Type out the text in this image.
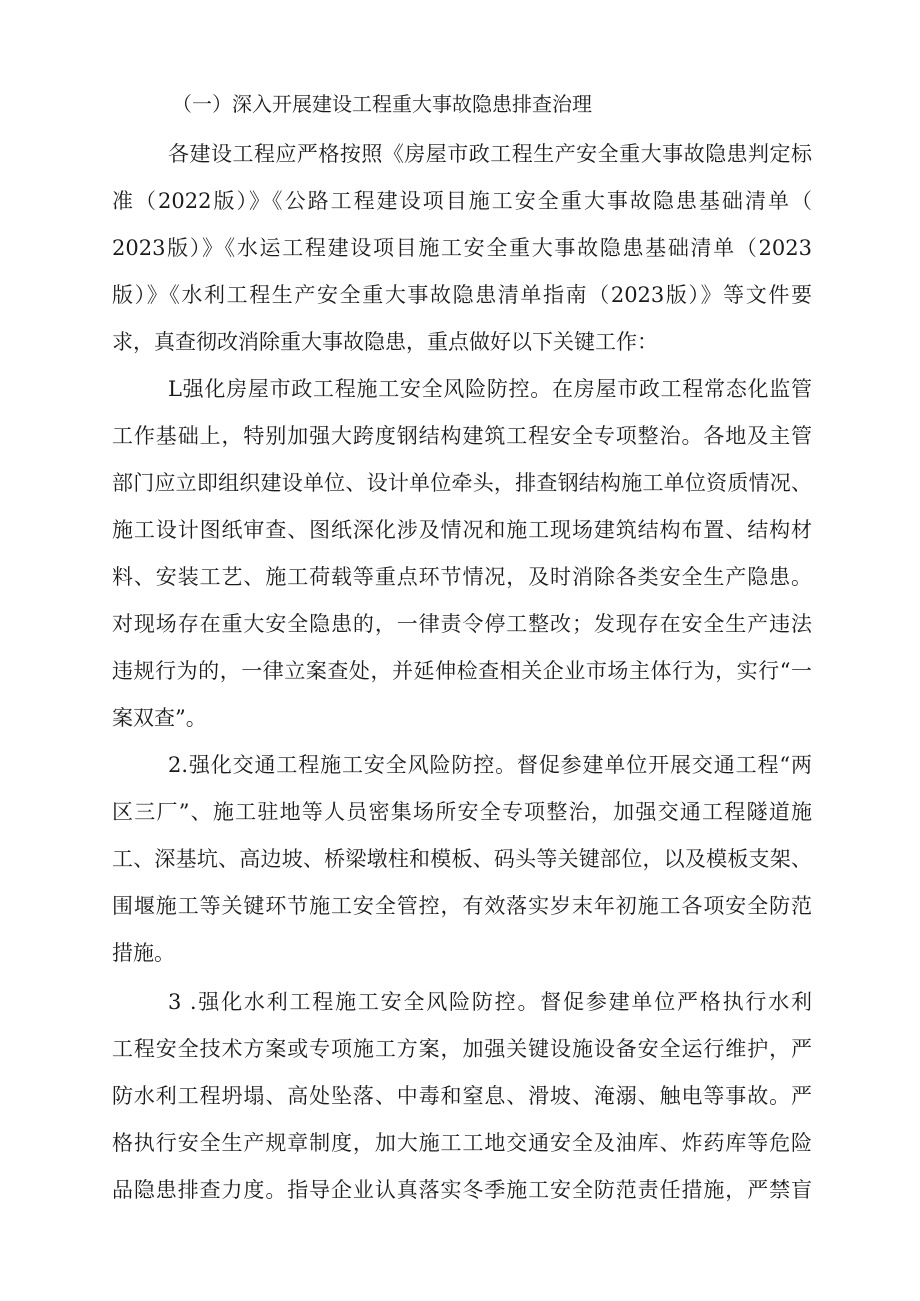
（一）深入开展建设工程重大事故隐患排查治理
各建设工程应严格按照《房屋市政工程生产安全重大事故隐患判定标
准（2022版）》《公路工程建设项目施工安全重大事故隐患基础清单（
2023版）》《水运工程建设项目施工安全重大事故隐患基础清单（2023
版）》《水利工程生产安全重大事故隐患清单指南（2023版）》等文件要
求，真查彻改消除重大事故隐患，重点做好以下关键工作：
L强化房屋市政工程施工安全风险防控。在房屋市政工程常态化监管
工作基础上，特别加强大跨度钢结构建筑工程安全专项整治。各地及主管
部门应立即组织建设单位、设计单位牵头，排查钢结构施工单位资质情况、
施工设计图纸审查、图纸深化涉及情况和施工现场建筑结构布置、结构材
料、安装工艺、施工荷载等重点环节情况，及时消除各类安全生产隐患。
对现场存在重大安全隐患的，一律责令停工整改；发现存在安全生产违法
违规行为的，一律立案查处，并延伸检查相关企业市场主体行为，实行“一
案双查”。
2.强化交通工程施工安全风险防控。督促参建单位开展交通工程“两
区三厂”、施工驻地等人员密集场所安全专项整治，加强交通工程隧道施
工、深基坑、高边坡、桥梁墩柱和模板、码头等关键部位，以及模板支架、
围堰施工等关键环节施工安全管控，有效落实岁末年初施工各项安全防范
措施。
3 .强化水利工程施工安全风险防控。督促参建单位严格执行水利
工程安全技术方案或专项施工方案，加强关键设施设备安全运行维护，严
防水利工程坍塌、高处坠落、中毒和窒息、滑坡、淹溺、触电等事故。严
格执行安全生产规章制度，加大施工工地交通安全及油库、炸药库等危险
品隐患排查力度。指导企业认真落实冬季施工安全防范责任措施，严禁盲
